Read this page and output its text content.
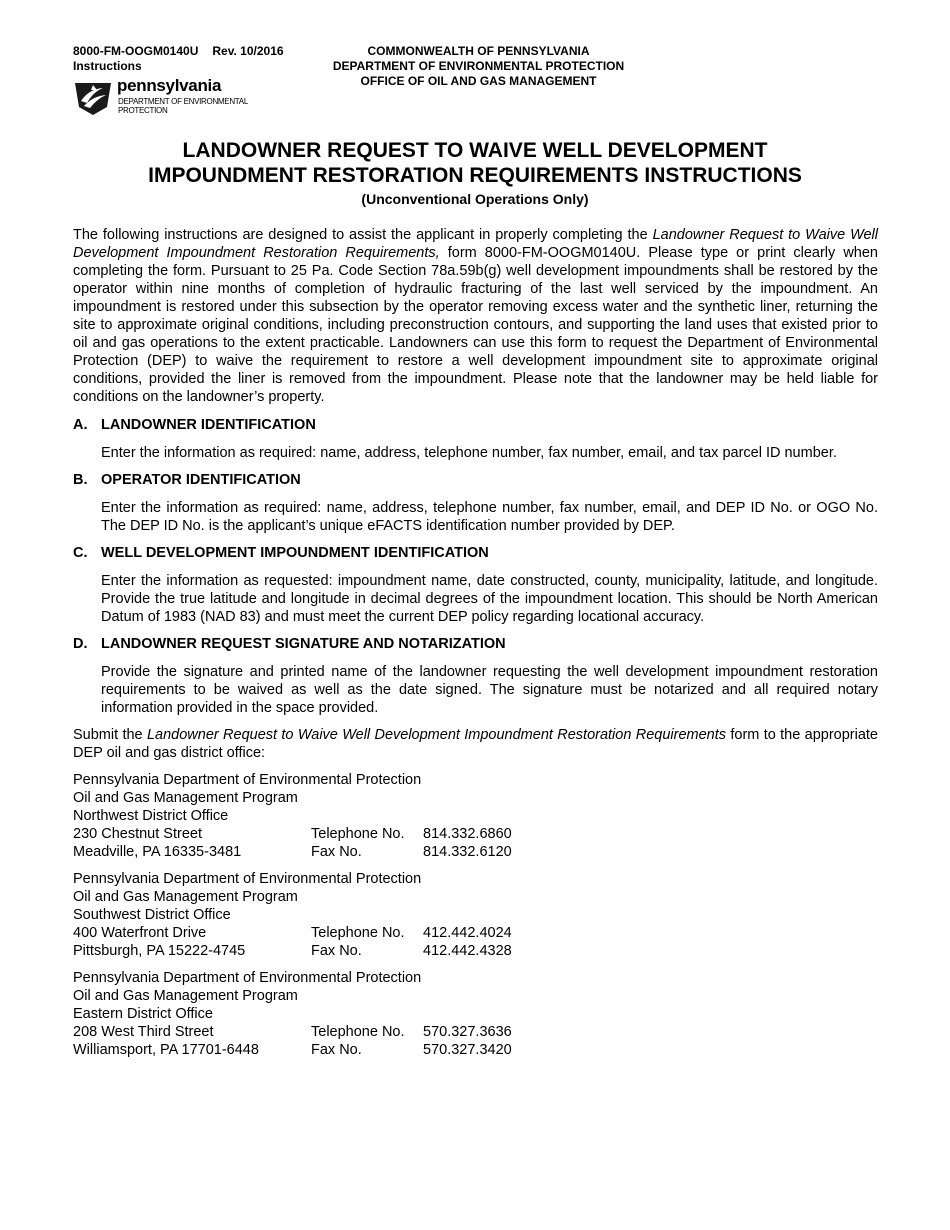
8000-FM-OOGM0140U Rev. 10/2016
Instructions
COMMONWEALTH OF PENNSYLVANIA
DEPARTMENT OF ENVIRONMENTAL PROTECTION
OFFICE OF OIL AND GAS MANAGEMENT
pennsylvania
DEPARTMENT OF ENVIRONMENTAL
PROTECTION
LANDOWNER REQUEST TO WAIVE WELL DEVELOPMENT
IMPOUNDMENT RESTORATION REQUIREMENTS INSTRUCTIONS
(Unconventional Operations Only)

The following instructions are designed to assist the applicant in properly completing the Landowner Request to Waive Well Development Impoundment Restoration Requirements, form 8000-FM-OOGM0140U. Please type or print clearly when completing the form. Pursuant to 25 Pa. Code Section 78a.59b(g) well development impoundments shall be restored by the operator within nine months of completion of hydraulic fracturing of the last well serviced by the impoundment. An impoundment is restored under this subsection by the operator removing excess water and the synthetic liner, returning the site to approximate original conditions, including preconstruction contours, and supporting the land uses that existed prior to oil and gas operations to the extent practicable. Landowners can use this form to request the Department of Environmental Protection (DEP) to waive the requirement to restore a well development impoundment site to approximate original conditions, provided the liner is removed from the impoundment. Please note that the landowner may be held liable for conditions on the landowner’s property.

A. LANDOWNER IDENTIFICATION

Enter the information as required: name, address, telephone number, fax number, email, and tax parcel ID number.

B. OPERATOR IDENTIFICATION

Enter the information as required: name, address, telephone number, fax number, email, and DEP ID No. or OGO No. The DEP ID No. is the applicant’s unique eFACTS identification number provided by DEP.

C. WELL DEVELOPMENT IMPOUNDMENT IDENTIFICATION

Enter the information as requested: impoundment name, date constructed, county, municipality, latitude, and longitude. Provide the true latitude and longitude in decimal degrees of the impoundment location. This should be North American Datum of 1983 (NAD 83) and must meet the current DEP policy regarding locational accuracy.

D. LANDOWNER REQUEST SIGNATURE AND NOTARIZATION

Provide the signature and printed name of the landowner requesting the well development impoundment restoration requirements to be waived as well as the date signed. The signature must be notarized and all required notary information provided in the space provided.

Submit the Landowner Request to Waive Well Development Impoundment Restoration Requirements form to the appropriate DEP oil and gas district office:

Pennsylvania Department of Environmental Protection
Oil and Gas Management Program
Northwest District Office
230 Chestnut Street	Telephone No.	814.332.6860
Meadville, PA 16335-3481	Fax No.	814.332.6120
Pennsylvania Department of Environmental Protection
Oil and Gas Management Program
Southwest District Office
400 Waterfront Drive	Telephone No.	412.442.4024
Pittsburgh, PA 15222-4745	Fax No.	412.442.4328
Pennsylvania Department of Environmental Protection
Oil and Gas Management Program
Eastern District Office
208 West Third Street	Telephone No.	570.327.3636
Williamsport, PA 17701-6448	Fax No.	570.327.3420
